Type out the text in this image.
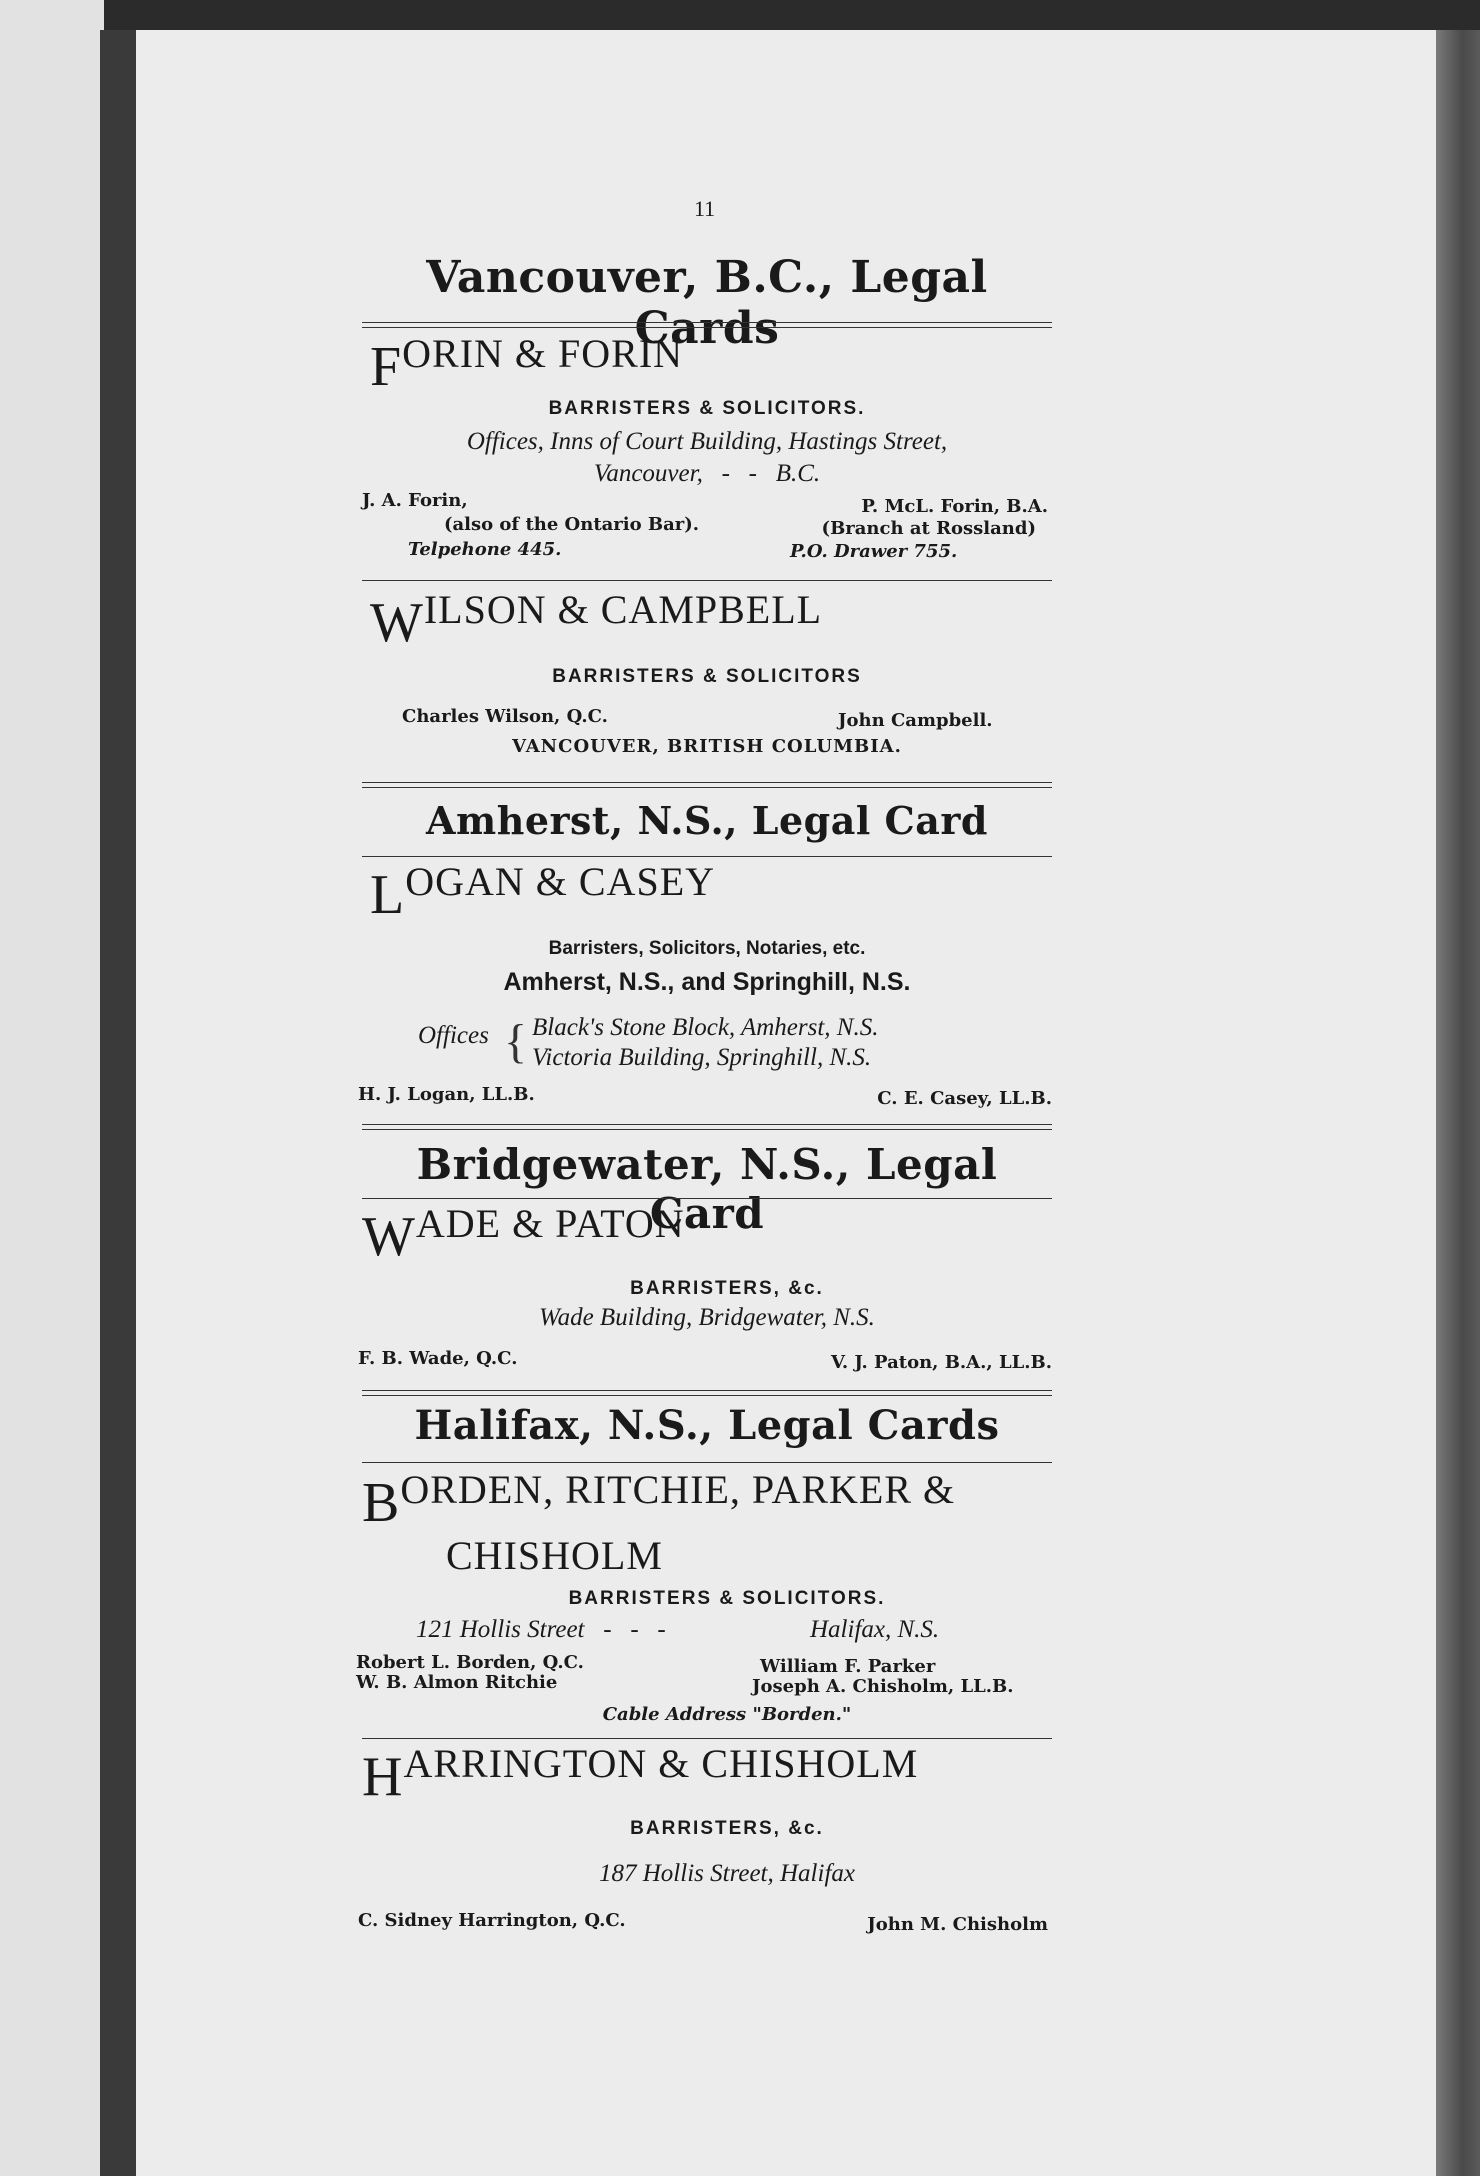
11
Vancouver, B.C., Legal Cards
FORIN & FORIN
BARRISTERS & SOLICITORS.
Offices, Inns of Court Building, Hastings Street,
Vancouver,   -   -   B.C.
J. A. Forin,
(also of the Ontario Bar).
Telpehone 445.
P. McL. Forin, B.A.
(Branch at Rossland)
P.O. Drawer 755.
WILSON & CAMPBELL
BARRISTERS & SOLICITORS
Charles Wilson, Q.C.	John Campbell.
VANCOUVER, BRITISH COLUMBIA.
Amherst, N.S., Legal Card
LOGAN & CASEY
Barristers, Solicitors, Notaries, etc.
Amherst, N.S., and Springhill, N.S.
Offices { Black's Stone Block, Amherst, N.S.
Victoria Building, Springhill, N.S.
H. J. Logan, LL.B.	C. E. Casey, LL.B.
Bridgewater, N.S., Legal Card
WADE & PATON
BARRISTERS, &c.
Wade Building, Bridgewater, N.S.
F. B. Wade, Q.C.	V. J. Paton, B.A., LL.B.
Halifax, N.S., Legal Cards
BORDEN, RITCHIE, PARKER &
CHISHOLM
BARRISTERS & SOLICITORS.
121 Hollis Street   -   -   -	Halifax, N.S.
Robert L. Borden, Q.C.
W. B. Almon Ritchie
William F. Parker
Joseph A. Chisholm, LL.B.
Cable Address "Borden."
HARRINGTON & CHISHOLM
BARRISTERS, &c.
187 Hollis Street, Halifax
C. Sidney Harrington, Q.C.	John M. Chisholm
